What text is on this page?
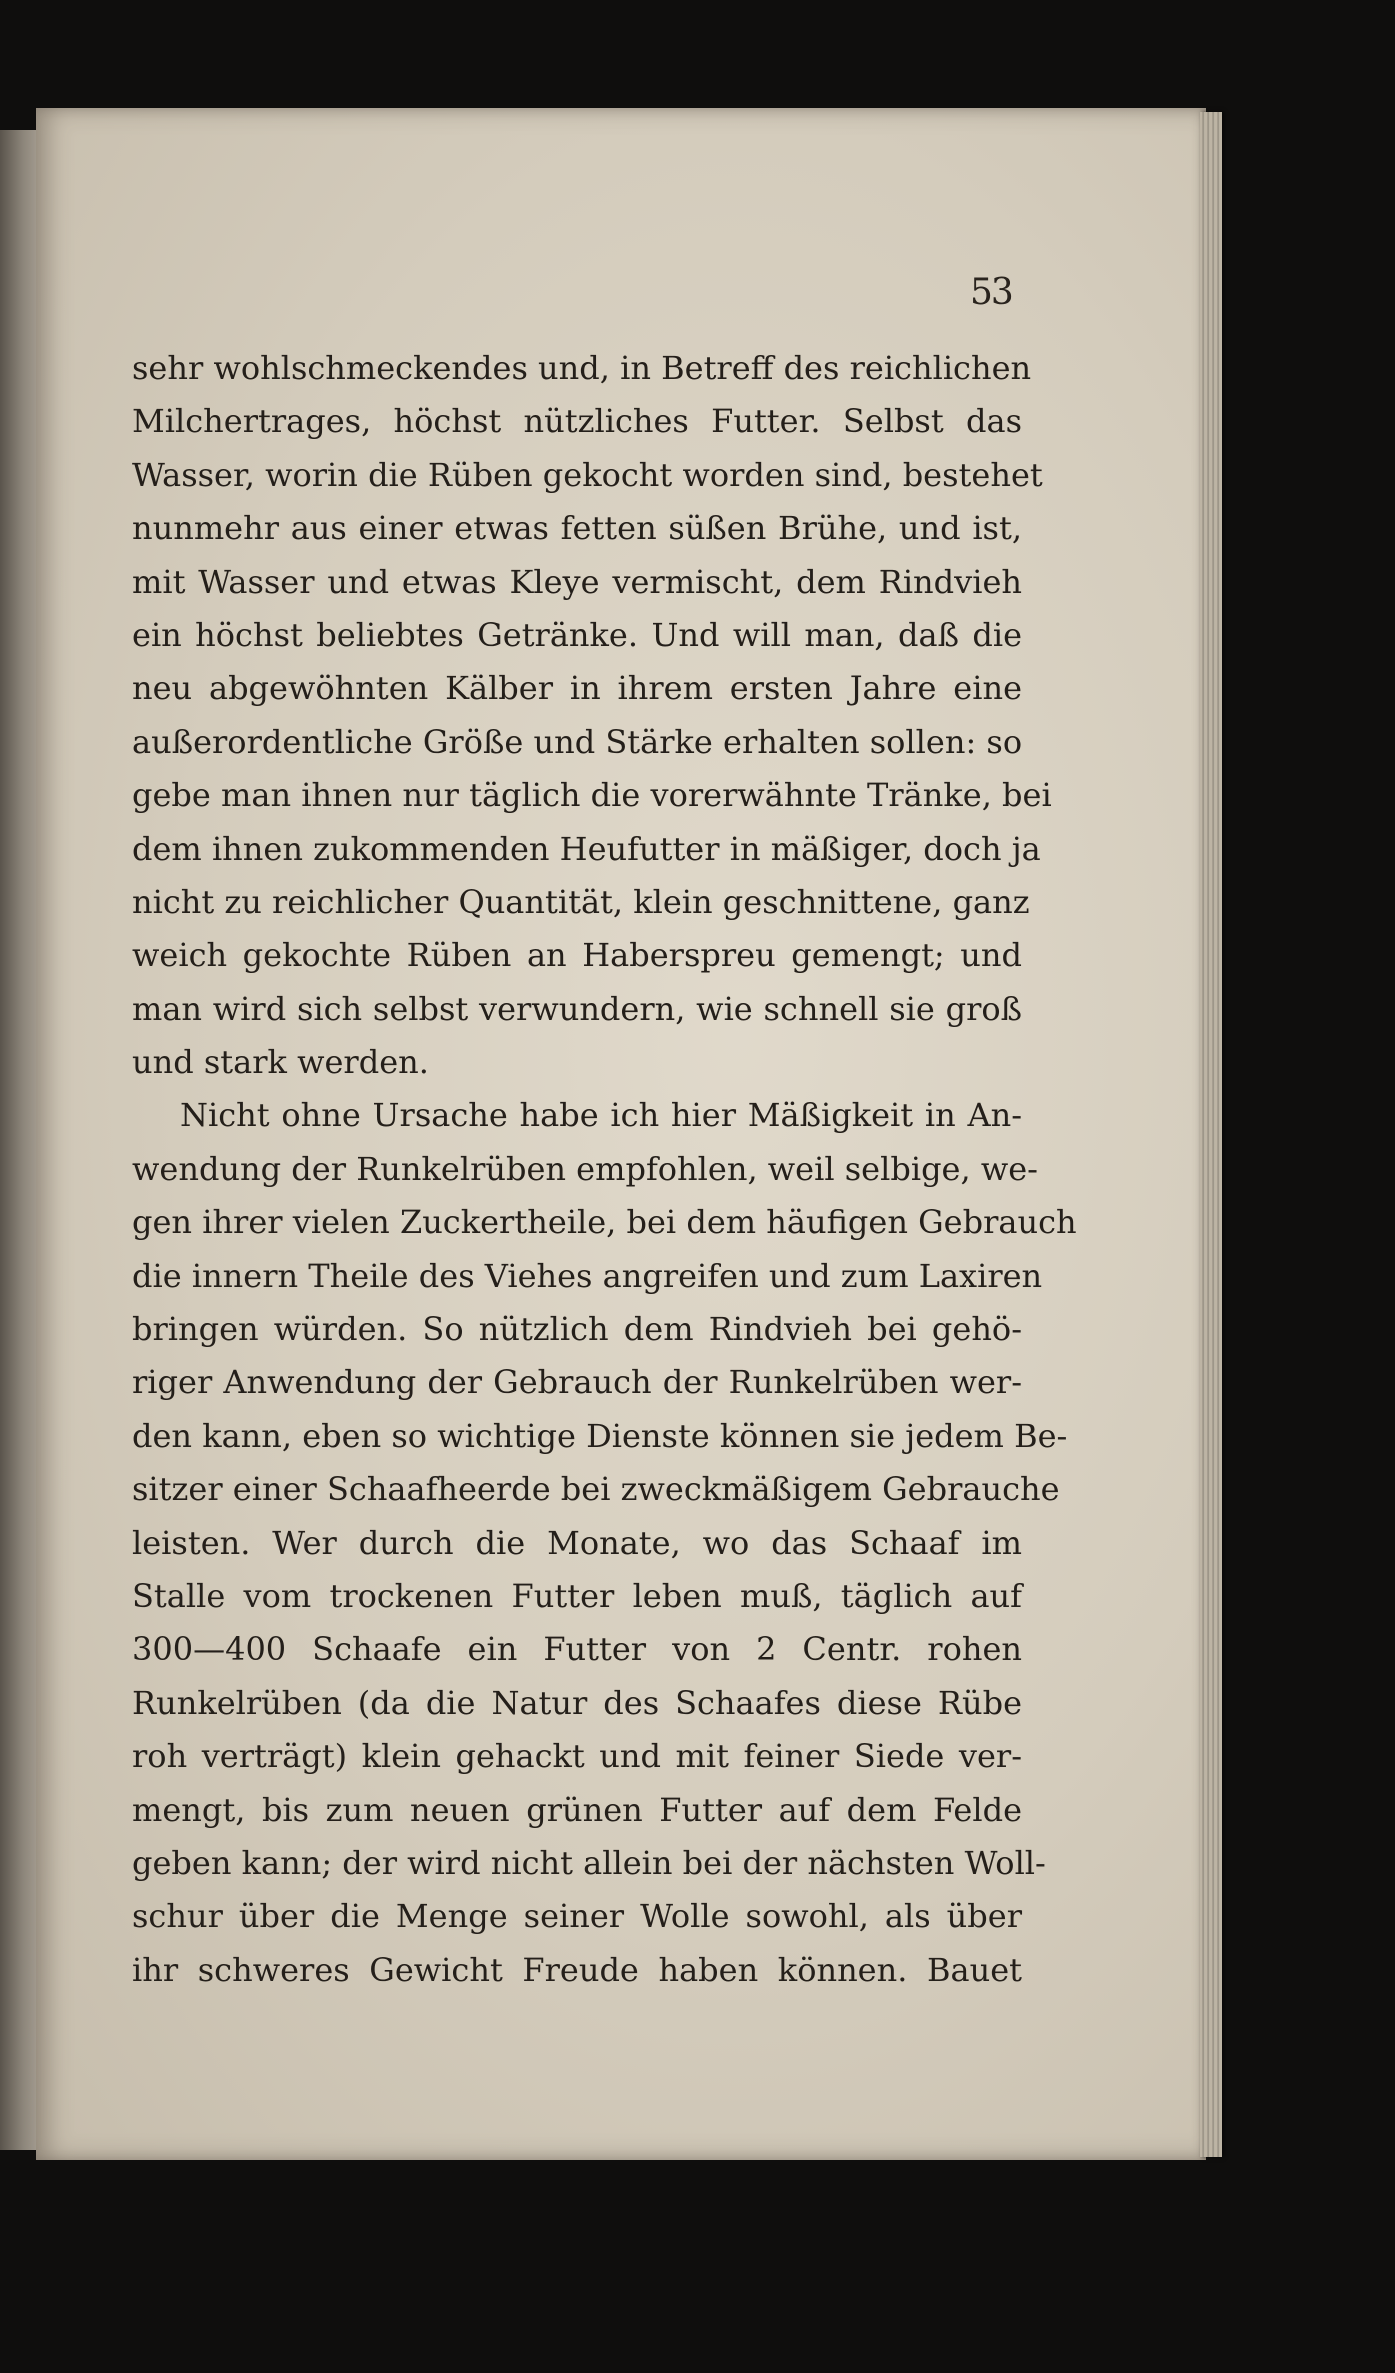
53
sehr wohlschmeckendes und, in Betreff des reichlichen
Milchertrages, höchst nützliches Futter. Selbst das
Wasser, worin die Rüben gekocht worden sind, bestehet
nunmehr aus einer etwas fetten süßen Brühe, und ist,
mit Wasser und etwas Kleye vermischt, dem Rindvieh
ein höchst beliebtes Getränke. Und will man, daß die
neu abgewöhnten Kälber in ihrem ersten Jahre eine
außerordentliche Größe und Stärke erhalten sollen: so
gebe man ihnen nur täglich die vorerwähnte Tränke, bei
dem ihnen zukommenden Heufutter in mäßiger, doch ja
nicht zu reichlicher Quantität, klein geschnittene, ganz
weich gekochte Rüben an Haberspreu gemengt; und
man wird sich selbst verwundern, wie schnell sie groß
und stark werden.
Nicht ohne Ursache habe ich hier Mäßigkeit in An-
wendung der Runkelrüben empfohlen, weil selbige, we-
gen ihrer vielen Zuckertheile, bei dem häufigen Gebrauch
die innern Theile des Viehes angreifen und zum Laxiren
bringen würden. So nützlich dem Rindvieh bei gehö-
riger Anwendung der Gebrauch der Runkelrüben wer-
den kann, eben so wichtige Dienste können sie jedem Be-
sitzer einer Schaafheerde bei zweckmäßigem Gebrauche
leisten. Wer durch die Monate, wo das Schaaf im
Stalle vom trockenen Futter leben muß, täglich auf
300—400 Schaafe ein Futter von 2 Centr. rohen
Runkelrüben (da die Natur des Schaafes diese Rübe
roh verträgt) klein gehackt und mit feiner Siede ver-
mengt, bis zum neuen grünen Futter auf dem Felde
geben kann; der wird nicht allein bei der nächsten Woll-
schur über die Menge seiner Wolle sowohl, als über
ihr schweres Gewicht Freude haben können. Bauet
